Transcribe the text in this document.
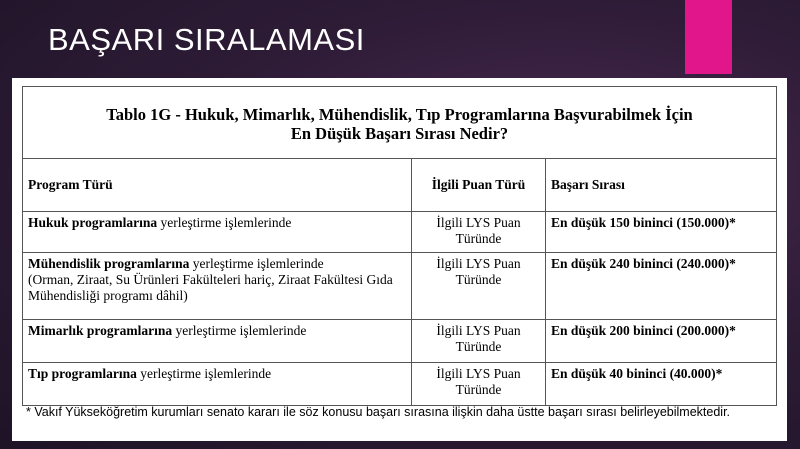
BAŞARI SIRALAMASI
Tablo 1G - Hukuk, Mimarlık, Mühendislik, Tıp Programlarına Başvurabilmek İçin
En Düşük Başarı Sırası Nedir?		

Program Türü	İlgili Puan Türü	Başarı Sırası
Hukuk programlarına yerleştirme işlemlerinde	İlgili LYS Puan Türünde	En düşük 150 bininci (150.000)*
Mühendislik programlarına yerleştirme işlemlerinde
(Orman, Ziraat, Su Ürünleri Fakülteleri hariç, Ziraat Fakültesi Gıda Mühendisliği programı dâhil)	İlgili LYS Puan Türünde	En düşük 240 bininci (240.000)*
Mimarlık programlarına yerleştirme işlemlerinde	İlgili LYS Puan Türünde	En düşük 200 bininci (200.000)*
Tıp programlarına yerleştirme işlemlerinde	İlgili LYS Puan Türünde	En düşük 40 bininci (40.000)*
* Vakıf Yükseköğretim kurumları senato kararı ile söz konusu başarı sırasına ilişkin daha üstte başarı sırası belirleyebilmektedir.
